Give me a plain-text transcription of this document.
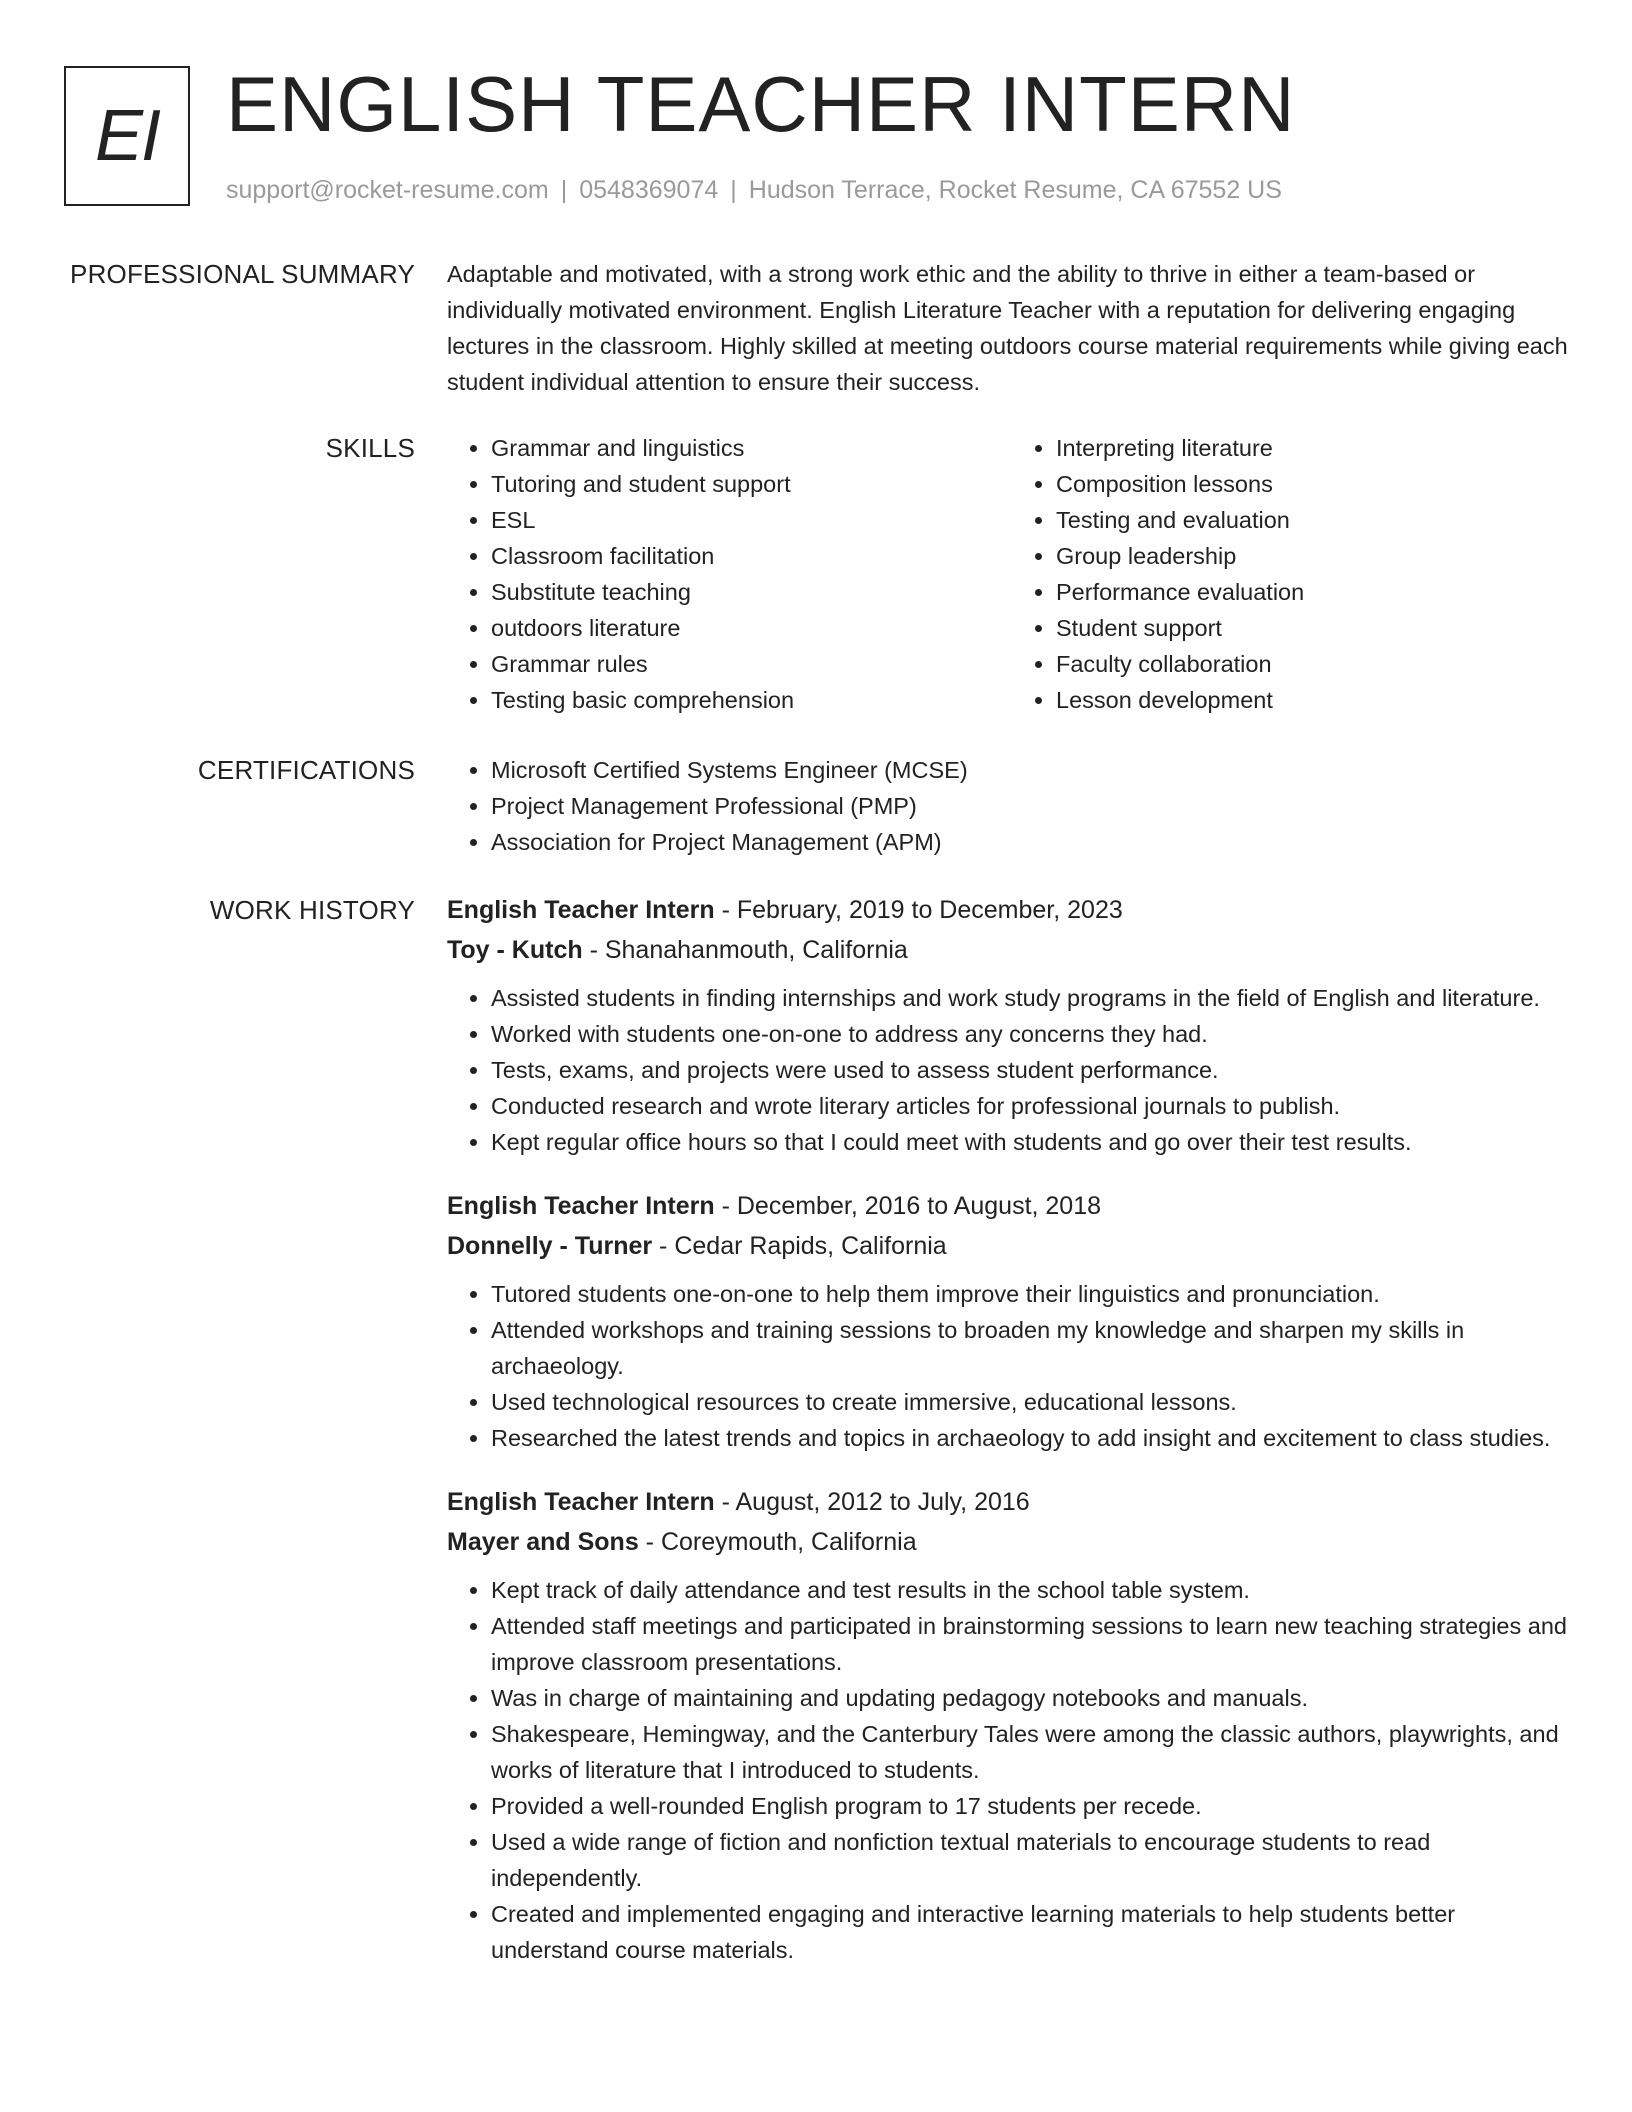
EI ENGLISH TEACHER INTERN
support@rocket-resume.com | 0548369074 | Hudson Terrace, Rocket Resume, CA 67552 US
PROFESSIONAL SUMMARY Adaptable and motivated, with a strong work ethic and the ability to thrive in either a team-based or individually motivated environment. English Literature Teacher with a reputation for delivering engaging lectures in the classroom. Highly skilled at meeting outdoors course material requirements while giving each student individual attention to ensure their success.

SKILLS	• Grammar and linguistics
• Tutoring and student support
• ESL
• Classroom facilitation
• Substitute teaching
• outdoors literature
• Grammar rules
• Testing basic comprehension
• Interpreting literature
• Composition lessons
• Testing and evaluation
• Group leadership
• Performance evaluation
• Student support
• Faculty collaboration
• Lesson development
CERTIFICATIONS	• Microsoft Certified Systems Engineer (MCSE)
• Project Management Professional (PMP)
• Association for Project Management (APM)
WORK HISTORY English Teacher Intern - February, 2019 to December, 2023
Toy - Kutch - Shanahanmouth, California
• Assisted students in finding internships and work study programs in the field of English and literature.
• Worked with students one-on-one to address any concerns they had.
• Tests, exams, and projects were used to assess student performance.
• Conducted research and wrote literary articles for professional journals to publish.
• Kept regular office hours so that I could meet with students and go over their test results.
English Teacher Intern - December, 2016 to August, 2018
Donnelly - Turner - Cedar Rapids, California
• Tutored students one-on-one to help them improve their linguistics and pronunciation.
• Attended workshops and training sessions to broaden my knowledge and sharpen my skills in archaeology.
• Used technological resources to create immersive, educational lessons.
• Researched the latest trends and topics in archaeology to add insight and excitement to class studies.
English Teacher Intern - August, 2012 to July, 2016
Mayer and Sons - Coreymouth, California
• Kept track of daily attendance and test results in the school table system.
• Attended staff meetings and participated in brainstorming sessions to learn new teaching strategies and improve classroom presentations.
• Was in charge of maintaining and updating pedagogy notebooks and manuals.
• Shakespeare, Hemingway, and the Canterbury Tales were among the classic authors, playwrights, and works of literature that I introduced to students.
• Provided a well-rounded English program to 17 students per recede.
• Used a wide range of fiction and nonfiction textual materials to encourage students to read independently.
• Created and implemented engaging and interactive learning materials to help students better understand course materials.
